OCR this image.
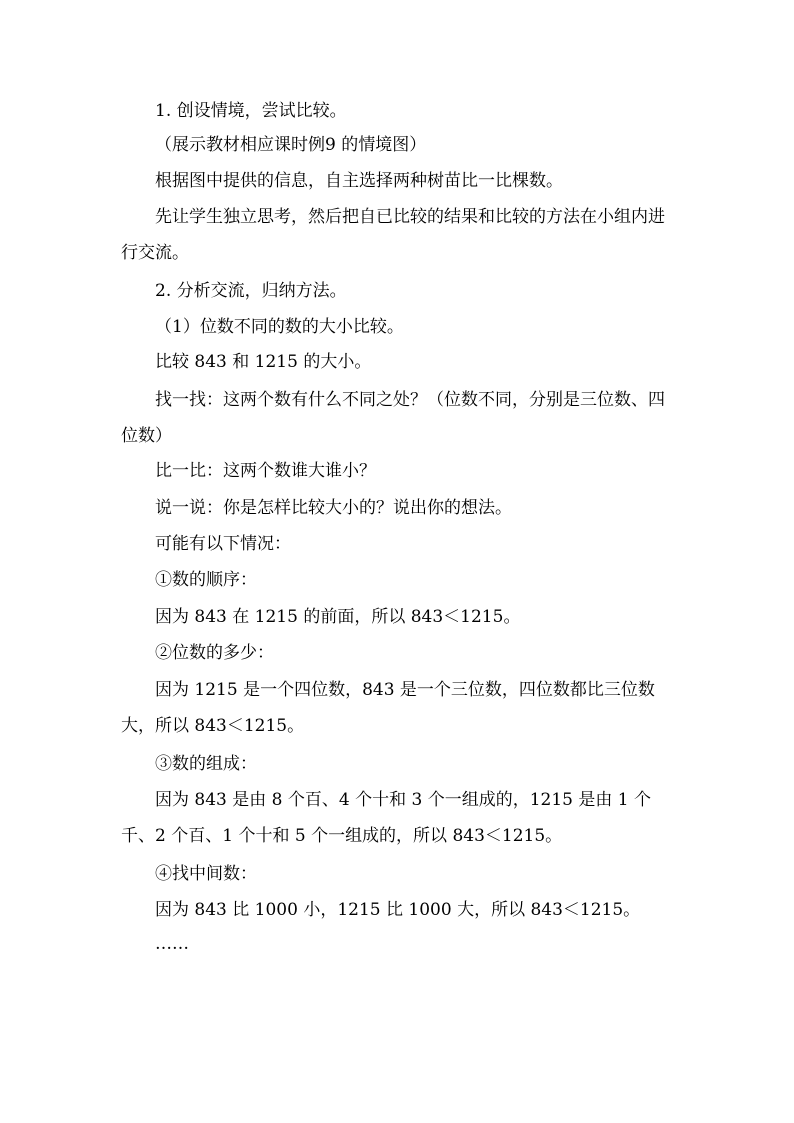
1. 创设情境，尝试比较。
（展示教材相应课时例9 的情境图）
根据图中提供的信息，自主选择两种树苗比一比棵数。
先让学生独立思考，然后把自已比较的结果和比较的方法在小组内进行交流。
2. 分析交流，归纳方法。
（1）位数不同的数的大小比较。
比较 843 和 1215 的大小。
找一找：这两个数有什么不同之处？（位数不同，分别是三位数、四位数）
比一比：这两个数谁大谁小？
说一说：你是怎样比较大小的？说出你的想法。
可能有以下情况：
①数的顺序：
因为 843 在 1215 的前面，所以 843＜1215。
②位数的多少：
因为 1215 是一个四位数，843 是一个三位数，四位数都比三位数大，所以 843＜1215。
③数的组成：
因为 843 是由 8 个百、4 个十和 3 个一组成的，1215 是由 1 个千、2 个百、1 个十和 5 个一组成的，所以 843＜1215。
④找中间数：
因为 843 比 1000 小，1215 比 1000 大，所以 843＜1215。
……
